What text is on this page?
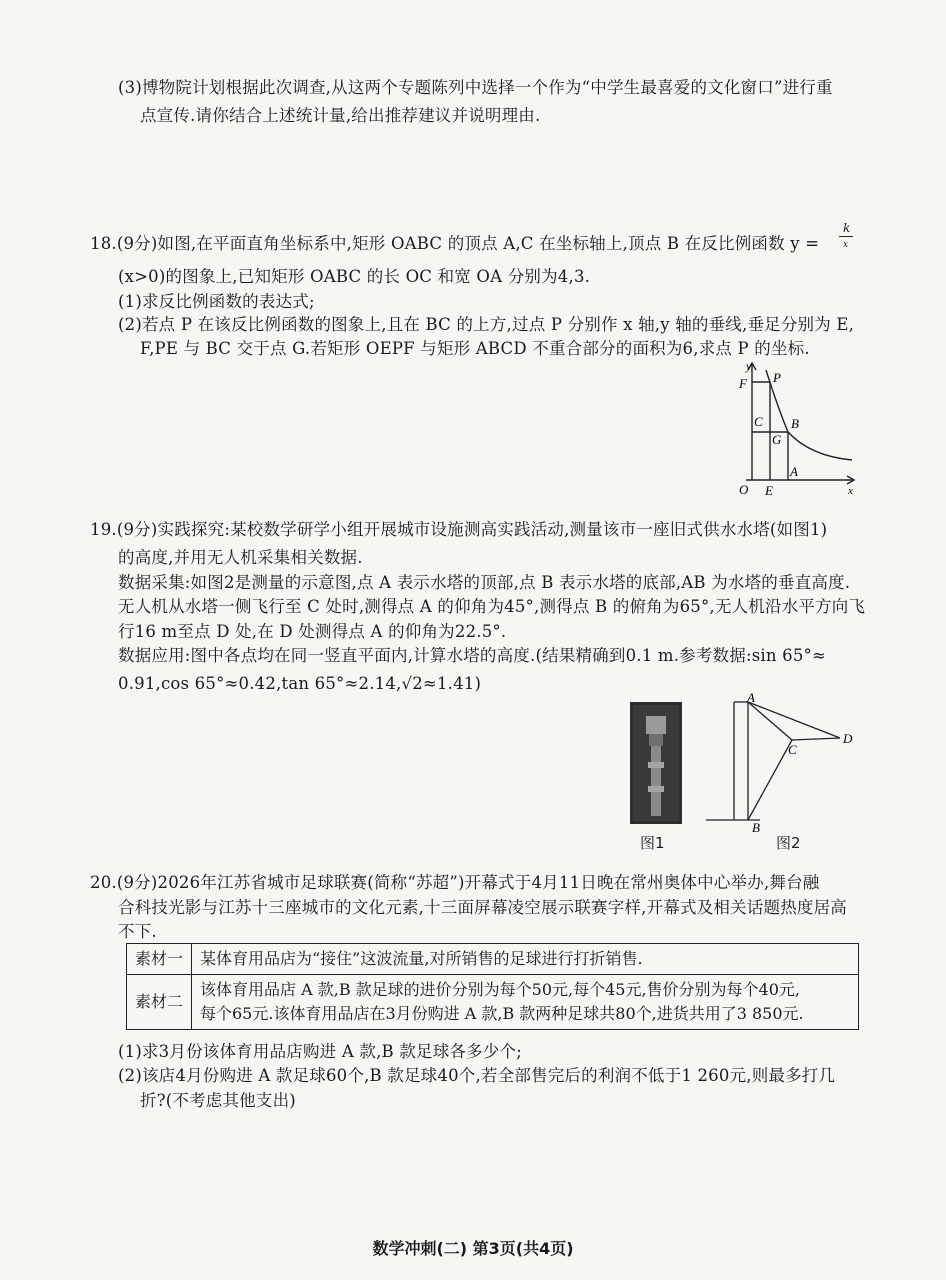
(3)博物院计划根据此次调查,从这两个专题陈列中选择一个作为“中学生最喜爱的文化窗口”进行重
点宣传.请你结合上述统计量,给出推荐建议并说明理由.
18.(9分)如图,在平面直角坐标系中,矩形 OABC 的顶点 A,C 在坐标轴上,顶点 B 在反比例函数 y =
k
x
(x>0)的图象上,已知矩形 OABC 的长 OC 和宽 OA 分别为4,3.
(1)求反比例函数的表达式;
(2)若点 P 在该反比例函数的图象上,且在 BC 的上方,过点 P 分别作 x 轴,y 轴的垂线,垂足分别为 E,
F,PE 与 BC 交于点 G.若矩形 OEPF 与矩形 ABCD 不重合部分的面积为6,求点 P 的坐标.
y
x
O E
A
F P
C
G
B
19.(9分)实践探究:某校数学研学小组开展城市设施测高实践活动,测量该市一座旧式供水水塔(如图1)
的高度,并用无人机采集相关数据.
数据采集:如图2是测量的示意图,点 A 表示水塔的顶部,点 B 表示水塔的底部,AB 为水塔的垂直高度.
无人机从水塔一侧飞行至 C 处时,测得点 A 的仰角为45°,测得点 B 的俯角为65°,无人机沿水平方向飞
行16 m至点 D 处,在 D 处测得点 A 的仰角为22.5°.
数据应用:图中各点均在同一竖直平面内,计算水塔的高度.(结果精确到0.1 m.参考数据:sin 65°≈
0.91,cos 65°≈0.42,tan 65°≈2.14,√2≈1.41)
图1
A
B
C
D
图2
20.(9分)2026年江苏省城市足球联赛(简称“苏超”)开幕式于4月11日晚在常州奥体中心举办,舞台融
合科技光影与江苏十三座城市的文化元素,十三面屏幕凌空展示联赛字样,开幕式及相关话题热度居高
不下.
素材一	某体育用品店为“接住”这波流量,对所销售的足球进行打折销售.
素材二	该体育用品店 A 款,B 款足球的进价分别为每个50元,每个45元,售价分别为每个40元,
每个65元.该体育用品店在3月份购进 A 款,B 款两种足球共80个,进货共用了3 850元.
(1)求3月份该体育用品店购进 A 款,B 款足球各多少个;
(2)该店4月份购进 A 款足球60个,B 款足球40个,若全部售完后的利润不低于1 260元,则最多打几
折?(不考虑其他支出)
数学冲刺(二) 第3页(共4页)
